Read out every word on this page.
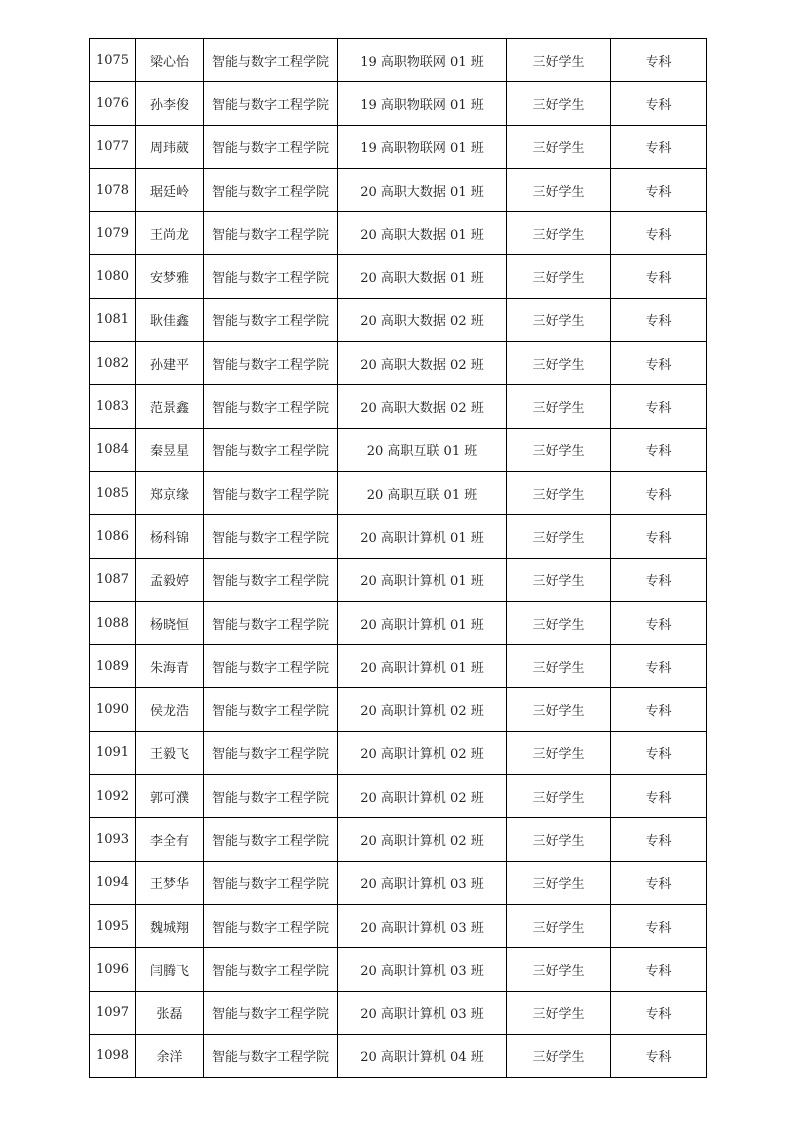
1075	梁心怡	智能与数字工程学院	19 高职物联网 01 班	三好学生	专科
1076	孙李俊	智能与数字工程学院	19 高职物联网 01 班	三好学生	专科
1077	周玮葳	智能与数字工程学院	19 高职物联网 01 班	三好学生	专科
1078	琚廷岭	智能与数字工程学院	20 高职大数据 01 班	三好学生	专科
1079	王尚龙	智能与数字工程学院	20 高职大数据 01 班	三好学生	专科
1080	安梦雅	智能与数字工程学院	20 高职大数据 01 班	三好学生	专科
1081	耿佳鑫	智能与数字工程学院	20 高职大数据 02 班	三好学生	专科
1082	孙建平	智能与数字工程学院	20 高职大数据 02 班	三好学生	专科
1083	范景鑫	智能与数字工程学院	20 高职大数据 02 班	三好学生	专科
1084	秦昱星	智能与数字工程学院	20 高职互联 01 班	三好学生	专科
1085	郑京缘	智能与数字工程学院	20 高职互联 01 班	三好学生	专科
1086	杨科锦	智能与数字工程学院	20 高职计算机 01 班	三好学生	专科
1087	孟毅婷	智能与数字工程学院	20 高职计算机 01 班	三好学生	专科
1088	杨晓恒	智能与数字工程学院	20 高职计算机 01 班	三好学生	专科
1089	朱海青	智能与数字工程学院	20 高职计算机 01 班	三好学生	专科
1090	侯龙浩	智能与数字工程学院	20 高职计算机 02 班	三好学生	专科
1091	王毅飞	智能与数字工程学院	20 高职计算机 02 班	三好学生	专科
1092	郭可濮	智能与数字工程学院	20 高职计算机 02 班	三好学生	专科
1093	李全有	智能与数字工程学院	20 高职计算机 02 班	三好学生	专科
1094	王梦华	智能与数字工程学院	20 高职计算机 03 班	三好学生	专科
1095	魏城翔	智能与数字工程学院	20 高职计算机 03 班	三好学生	专科
1096	闫腾飞	智能与数字工程学院	20 高职计算机 03 班	三好学生	专科
1097	张磊	智能与数字工程学院	20 高职计算机 03 班	三好学生	专科
1098	余洋	智能与数字工程学院	20 高职计算机 04 班	三好学生	专科
